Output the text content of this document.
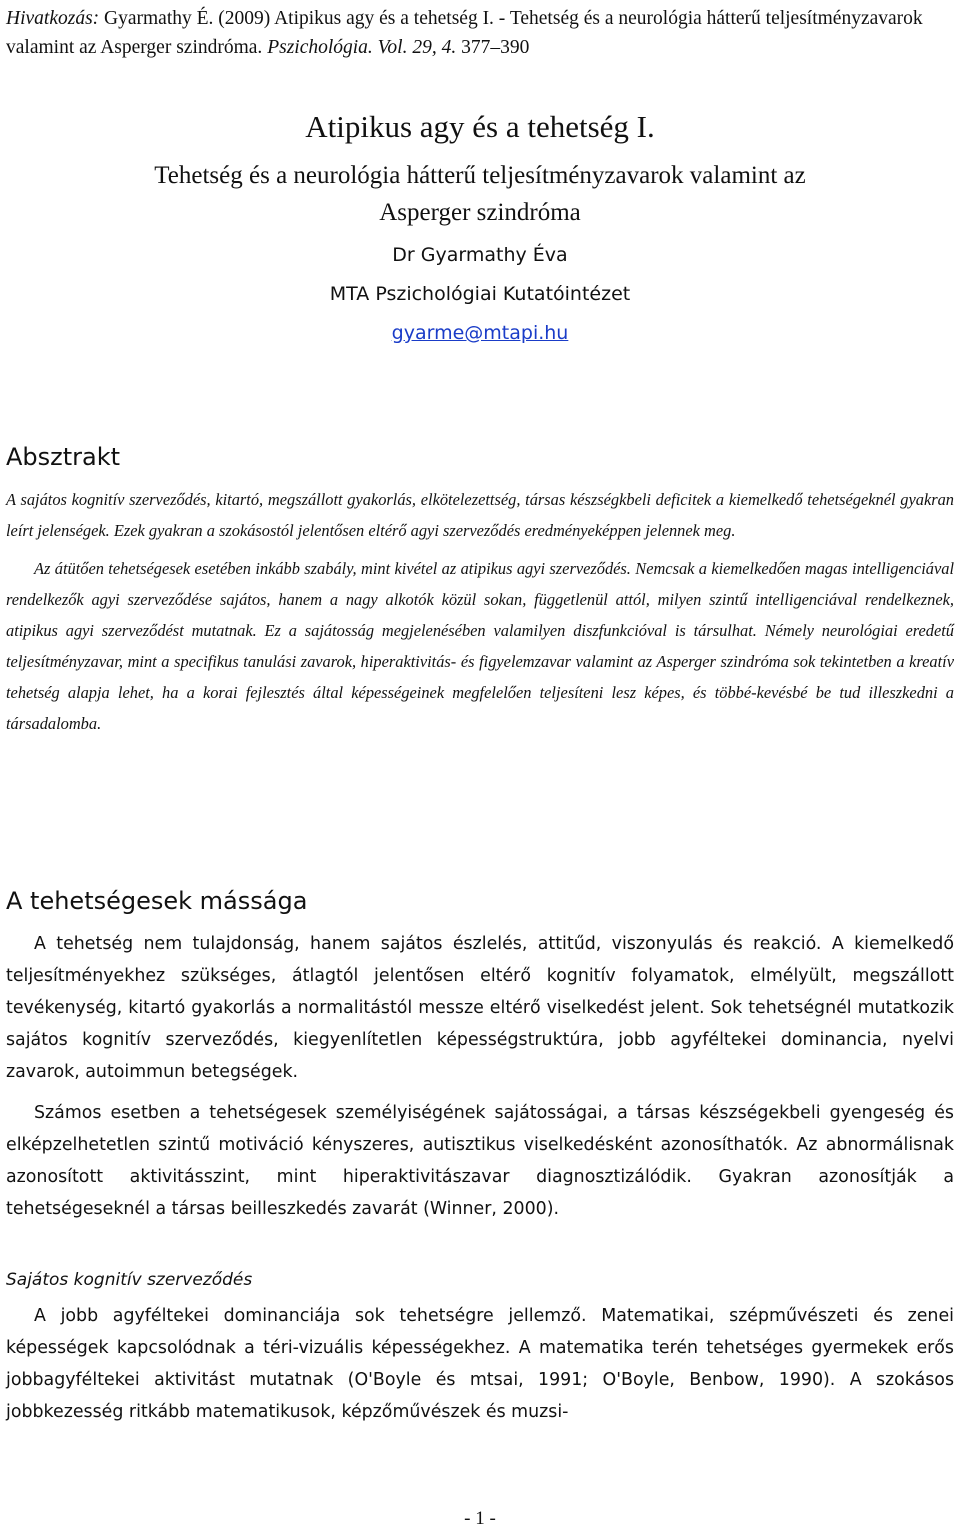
Hivatkozás: Gyarmathy É. (2009) Atipikus agy és a tehetség I. - Tehetség és a neurológia hátterű teljesítményzavarok valamint az Asperger szindróma. Pszichológia. Vol. 29, 4. 377–390
Atipikus agy és a tehetség I.
Tehetség és a neurológia hátterű teljesítményzavarok valamint az
Asperger szindróma
Dr Gyarmathy Éva
MTA Pszichológiai Kutatóintézet
gyarme@mtapi.hu
Absztrakt

A sajátos kognitív szerveződés, kitartó, megszállott gyakorlás, elkötelezettség, társas készségkbeli deficitek a kiemelkedő tehetségeknél gyakran leírt jelenségek. Ezek gyakran a szokásostól jelentősen eltérő agyi szerveződés eredményeképpen jelennek meg.

Az átütően tehetségesek esetében inkább szabály, mint kivétel az atipikus agyi szerveződés. Nemcsak a kiemelkedően magas intelligenciával rendelkezők agyi szerveződése sajátos, hanem a nagy alkotók közül sokan, függetlenül attól, milyen szintű intelligenciával rendelkeznek, atipikus agyi szerveződést mutatnak. Ez a sajátosság megjelenésében valamilyen diszfunkcióval is társulhat. Némely neurológiai eredetű teljesítményzavar, mint a specifikus tanulási zavarok, hiperaktivitás- és figyelemzavar valamint az Asperger szindróma sok tekintetben a kreatív tehetség alapja lehet, ha a korai fejlesztés által képességeinek megfelelően teljesíteni lesz képes, és többé-kevésbé be tud illeszkedni a társadalomba.

A tehetségesek mássága

A tehetség nem tulajdonság, hanem sajátos észlelés, attitűd, viszonyulás és reakció. A kiemelkedő teljesítményekhez szükséges, átlagtól jelentősen eltérő kognitív folyamatok, elmélyült, megszállott tevékenység, kitartó gyakorlás a normalitástól messze eltérő viselkedést jelent. Sok tehetségnél mutatkozik sajátos kognitív szerveződés, kiegyenlítetlen képességstruktúra, jobb agyféltekei dominancia, nyelvi zavarok, autoimmun betegségek.

Számos esetben a tehetségesek személyiségének sajátosságai, a társas készségekbeli gyengeség és elképzelhetetlen szintű motiváció kényszeres, autisztikus viselkedésként azonosíthatók. Az abnormálisnak azonosított aktivitásszint, mint hiperaktivitászavar diagnosztizálódik. Gyakran azonosítják a tehetségeseknél a társas beilleszkedés zavarát (Winner, 2000).

Sajátos kognitív szerveződés

A jobb agyféltekei dominanciája sok tehetségre jellemző. Matematikai, szépművészeti és zenei képességek kapcsolódnak a téri-vizuális képességekhez. A matematika terén tehetséges gyermekek erős jobbagyféltekei aktivitást mutatnak (O'Boyle és mtsai, 1991; O'Boyle, Benbow, 1990). A szokásos jobbkezesség ritkább matematikusok, képzőművészek és muzsi-

- 1 -
